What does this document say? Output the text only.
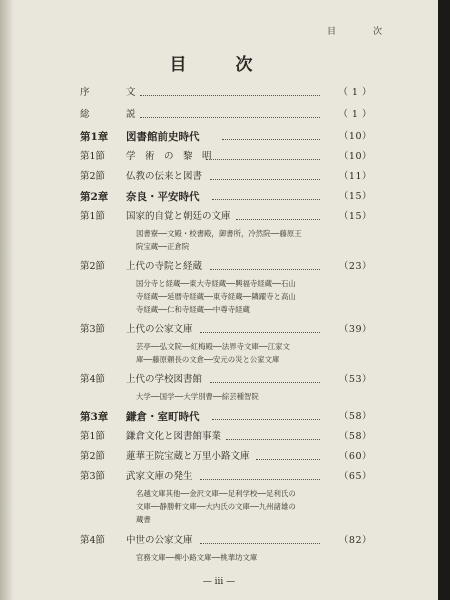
目　次
目　次
序	文	（ 1 ）
総	説	（ 1 ）
第1章 図書館前史時代	（10）
第1節 学　術　の　黎　明	（10）
第2節 仏教の伝来と図書	（11）
第2章 奈良・平安時代	（15）
第1節 国家的自覚と朝廷の文庫	（15）
図書寮──文殿・校書殿，御書所，冷然院──藤原王
院宝蔵──正倉院
第2節 上代の寺院と経蔵	（23）
国分寺と経蔵──東大寺経蔵──興福寺経蔵──石山
寺経蔵──延暦寺経蔵──東寺経蔵──隣躍寺と高山
寺経蔵──仁和寺経蔵──中尊寺経蔵
第3節 上代の公家文庫	（39）
芸亭──弘文院──紅梅殿──法界寺文庫──江家文
庫──藤原頼長の文倉──安元の災と公家文庫
第4節 上代の学校図書館	（53）
大学──国学──大学別曹──綜芸種智院
第3章 鎌倉・室町時代	（58）
第1節 鎌倉文化と図書館事業	（58）
第2節 蓮華王院宝蔵と万里小路文庫	（60）
第3節 武家文庫の発生	（65）
名越文庫其他──金沢文庫──足利学校──足利氏の
文庫──静勝軒文庫──大内氏の文庫──九州諸雄の
蔵書
第4節 中世の公家文庫	（82）
官務文庫──柳小路文庫──桃華坊文庫
— iii —
